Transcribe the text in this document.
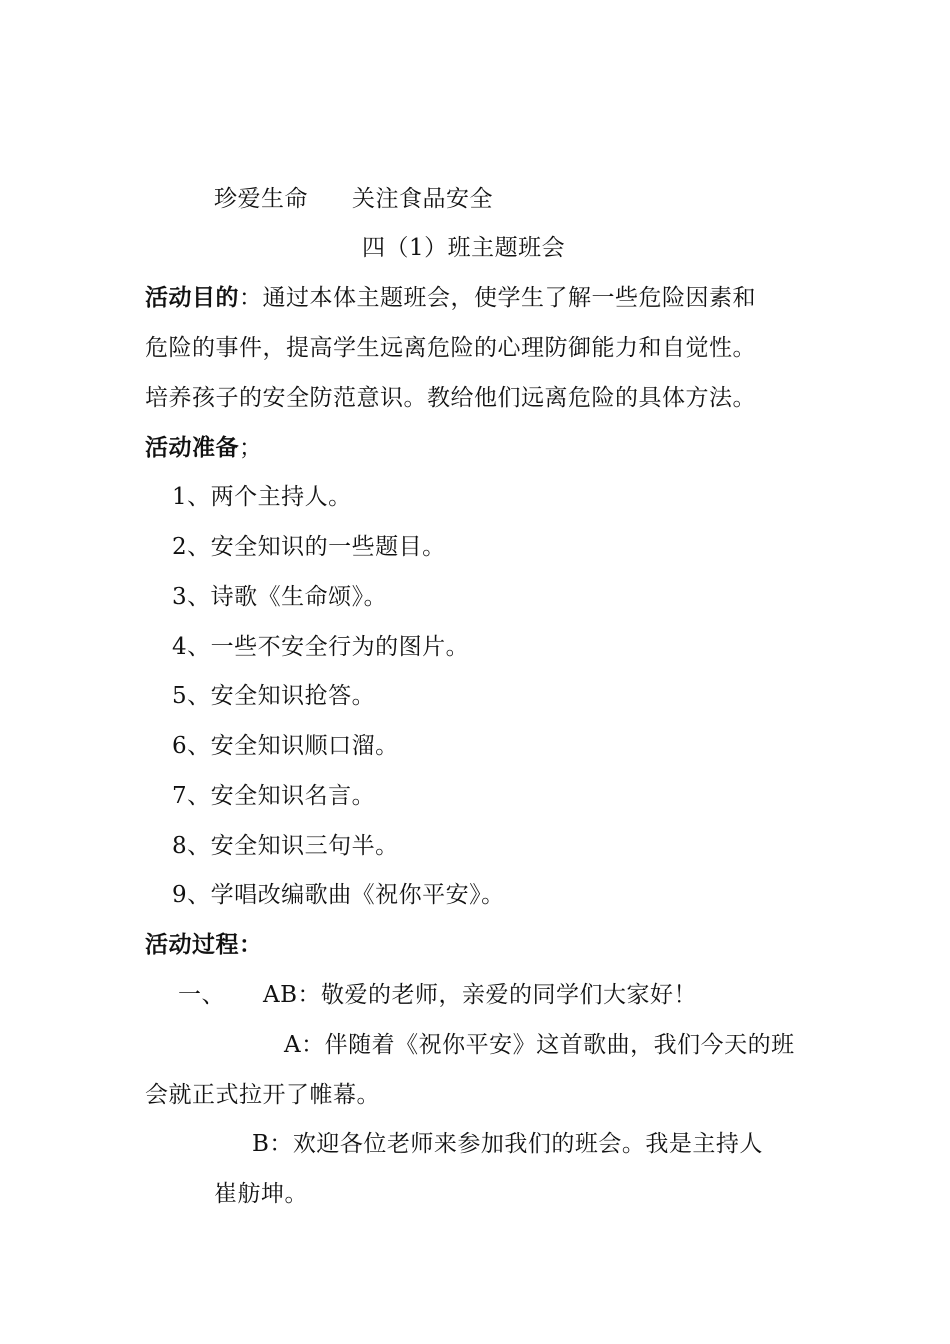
珍爱生命 关注食品安全
四（1）班主题班会
活动目的：通过本体主题班会，使学生了解一些危险因素和
危险的事件，提高学生远离危险的心理防御能力和自觉性。
培养孩子的安全防范意识。教给他们远离危险的具体方法。
活动准备；
1、两个主持人。
2、安全知识的一些题目。
3、诗歌《生命颂》。
4、一些不安全行为的图片。
5、安全知识抢答。
6、安全知识顺口溜。
7、安全知识名言。
8、安全知识三句半。
9、学唱改编歌曲《祝你平安》。
活动过程：
一、 AB：敬爱的老师，亲爱的同学们大家好！
A：伴随着《祝你平安》这首歌曲，我们今天的班
会就正式拉开了帷幕。
B：欢迎各位老师来参加我们的班会。我是主持人
崔舫坤。
